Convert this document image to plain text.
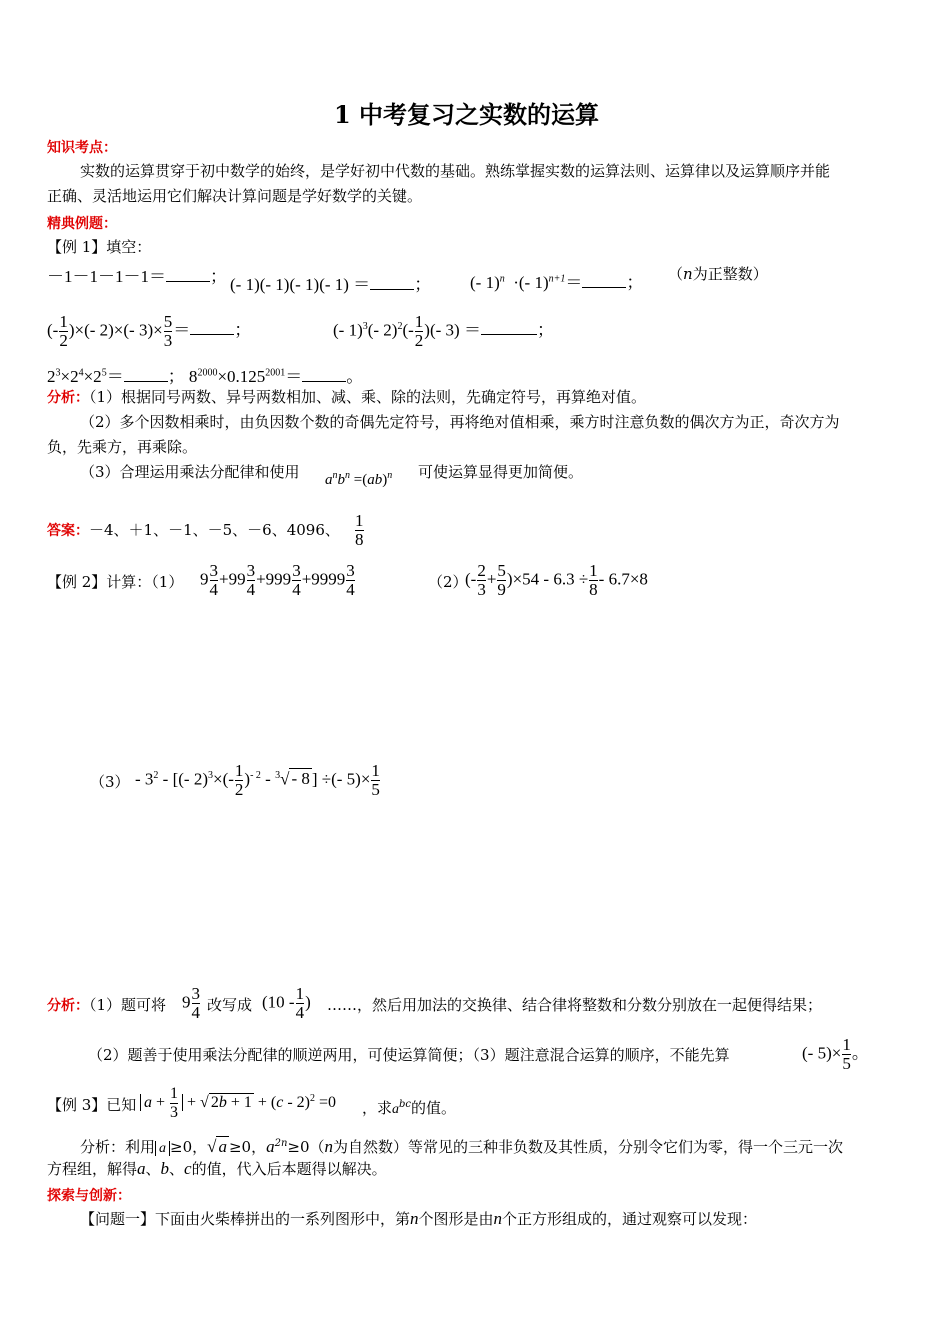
1 中考复习之实数的运算
知识考点：
实数的运算贯穿于初中数学的始终，是学好初中代数的基础。熟练掌握实数的运算法则、运算律以及运算顺序并能
正确、灵活地运用它们解决计算问题是学好数学的关键。
精典例题：
【例 1】填空：
－1－1－1－1＝	； (- 1)(- 1)(- 1)(- 1) ＝	； (- 1)$^n$ ·(- 1)$^{n+1}$＝	； （n为正整数）
(- $\frac{1}{2}$ )×(- 2)×(- $3)\times \frac{5}{3}$ ＝	；	(- 1)$^3$(- $2)^2(- \frac{1}{2}$ )(- 3) ＝	；
$2^3\times 2^4\times 2^5=$	； $8^{2000}\times 0.125^{2001}=$	。
分析：（1）根据同号两数、异号两数相加、减、乘、除的法则，先确定符号，再算绝对值。
（2）多个因数相乘时，由负因数个数的奇偶先定符号，再将绝对值相乘，乘方时注意负数的偶次方为正，奇次方为
负，先乘方，再乘除。
（3）合理运用乘法分配律和使用 $a^nb^n =(ab)^n$ 可使运算显得更加简便。
答案：－4、＋1、－1、－5、－6、4096、 $\frac{1}{8}$
【例 2】计算：（1） $9 \frac{3}{4} +99 \frac{3}{4} +999 \frac{3}{4} +9999 \frac{3}{4}$	（2）
(- $\frac{2}{3} + \frac{5}{9} )\times 54 - 6.3 \div \frac{1}{8} - 6.7\times 8$
$(3) - 3^2$ - [(- $2)^3\times(- \frac{1}{2} )^{- 2} - ^3√ - 8$ ] ÷(- $5)\times \frac{1}{5}$
分析：（1）题可将 $9 \frac{3}{4}$ 改写成 ($10 - \frac{1}{4}$ ) ……，然后用加法的交换律、结合律将整数和分数分别放在一起便得结果；
（2）题善于使用乘法分配律的顺逆两用，可使运算简便；（3）题注意混合运算的顺序，不能先算	(- $5)\times \frac{1}{5}$ 。
【例 3】已知 $a + \frac{1}{3}$ + √ 2b + 1 + (c - 2)$^2$ =0 ，求$a^{bc}$的值。
分析：利用 a ≥0，√ a ≥0，$a^{2n}\ge 0(n$为自然数）等常见的三种非负数及其性质，分别令它们为零，得一个三元一次
方程组，解得a、b、c的值，代入后本题得以解决。
探索与创新：
【问题一】下面由火柴棒拼出的一系列图形中，第n个图形是由n个正方形组成的，通过观察可以发现：
